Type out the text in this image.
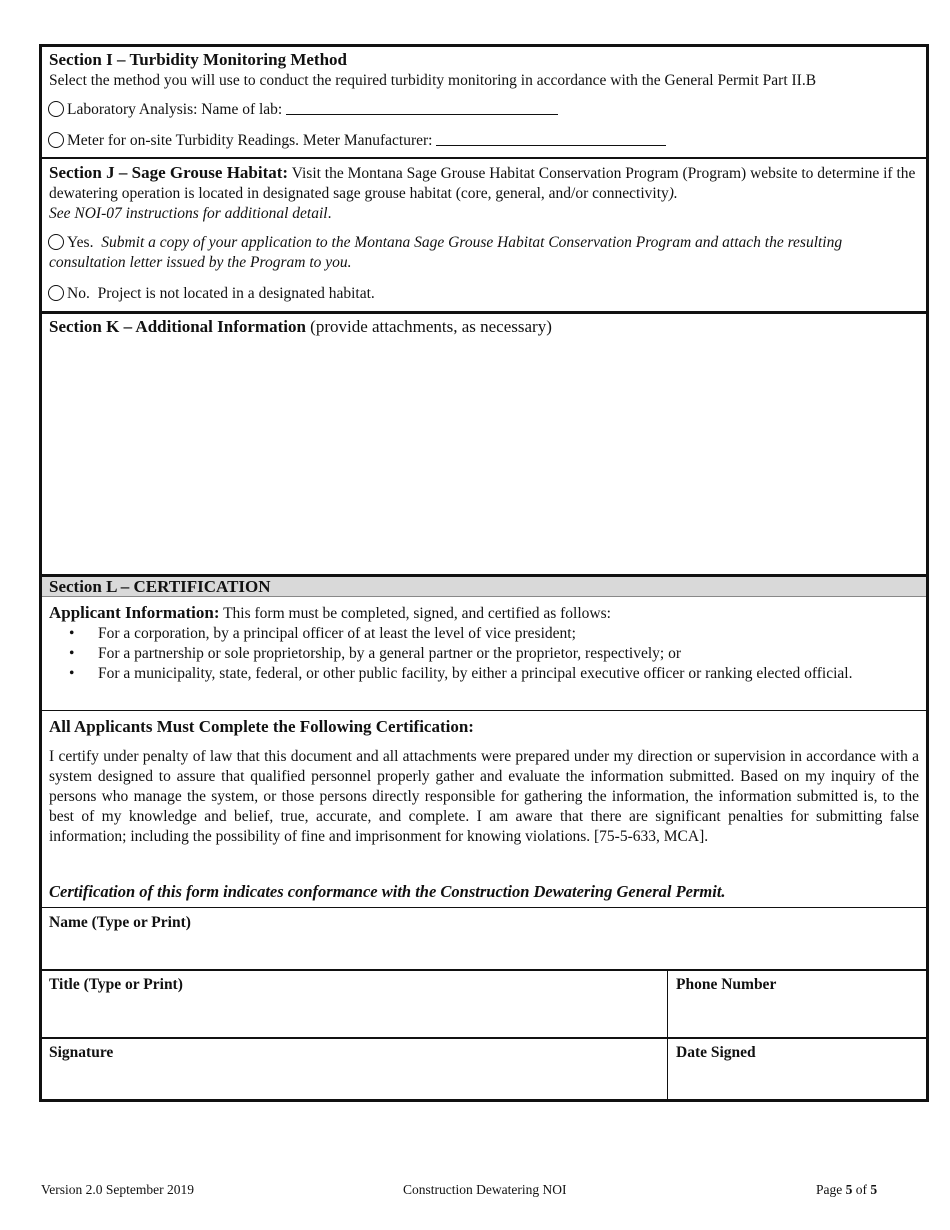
Section I – Turbidity Monitoring Method
Select the method you will use to conduct the required turbidity monitoring in accordance with the General Permit Part II.B
Laboratory Analysis: Name of lab:
Meter for on-site Turbidity Readings. Meter Manufacturer:
Section J – Sage Grouse Habitat: Visit the Montana Sage Grouse Habitat Conservation Program (Program) website to determine if the dewatering operation is located in designated sage grouse habitat (core, general, and/or connectivity).
See NOI-07 instructions for additional detail.
Yes.  Submit a copy of your application to the Montana Sage Grouse Habitat Conservation Program and attach the resulting consultation letter issued by the Program to you.
No. Project is not located in a designated habitat.
Section K – Additional Information (provide attachments, as necessary)
Section L – CERTIFICATION
Applicant Information: This form must be completed, signed, and certified as follows:
• For a corporation, by a principal officer of at least the level of vice president;
• For a partnership or sole proprietorship, by a general partner or the proprietor, respectively; or
• For a municipality, state, federal, or other public facility, by either a principal executive officer or ranking elected official.
All Applicants Must Complete the Following Certification:
I certify under penalty of law that this document and all attachments were prepared under my direction or supervision in accordance with a system designed to assure that qualified personnel properly gather and evaluate the information submitted. Based on my inquiry of the persons who manage the system, or those persons directly responsible for gathering the information, the information submitted is, to the best of my knowledge and belief, true, accurate, and complete. I am aware that there are significant penalties for submitting false information; including the possibility of fine and imprisonment for knowing violations. [75-5-633, MCA].
Certification of this form indicates conformance with the Construction Dewatering General Permit.
Name (Type or Print)
Title (Type or Print)	Phone Number
Signature	Date Signed
Version 2.0 September 2019	Construction Dewatering NOI	Page 5 of 5
